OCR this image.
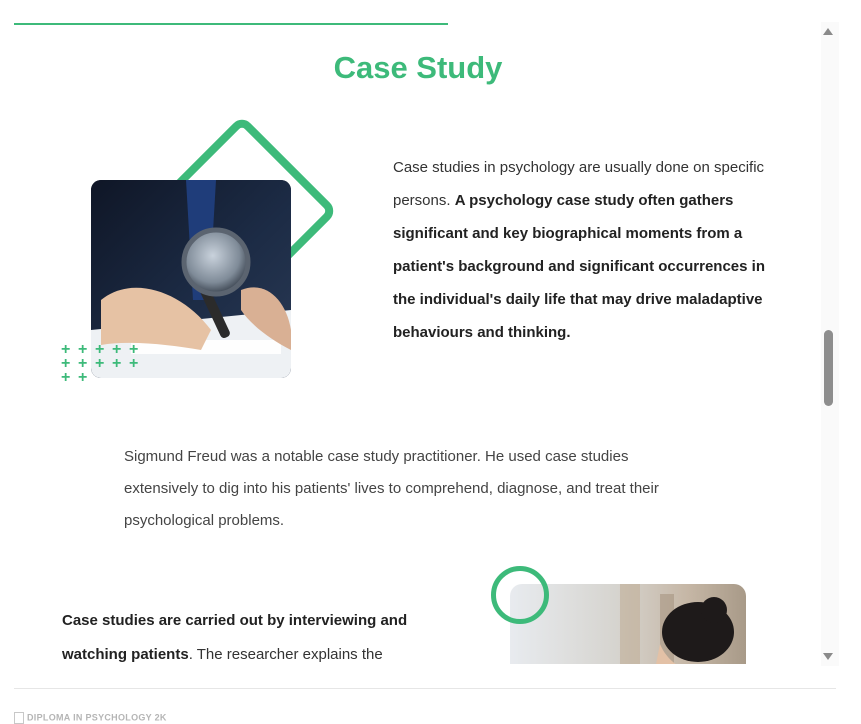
Case Study
+ + + + +
+ + + + +
+ +

Case studies in psychology are usually done on specific persons. A psychology case study often gathers significant and key biographical moments from a patient's background and significant occurrences in the individual's daily life that may drive maladaptive behaviours and thinking.

Sigmund Freud was a notable case study practitioner. He used case studies extensively to dig into his patients' lives to comprehend, diagnose, and treat their psychological problems.

Case studies are carried out by interviewing and watching patients. The researcher explains the

DIPLOMA IN PSYCHOLOGY 2K
